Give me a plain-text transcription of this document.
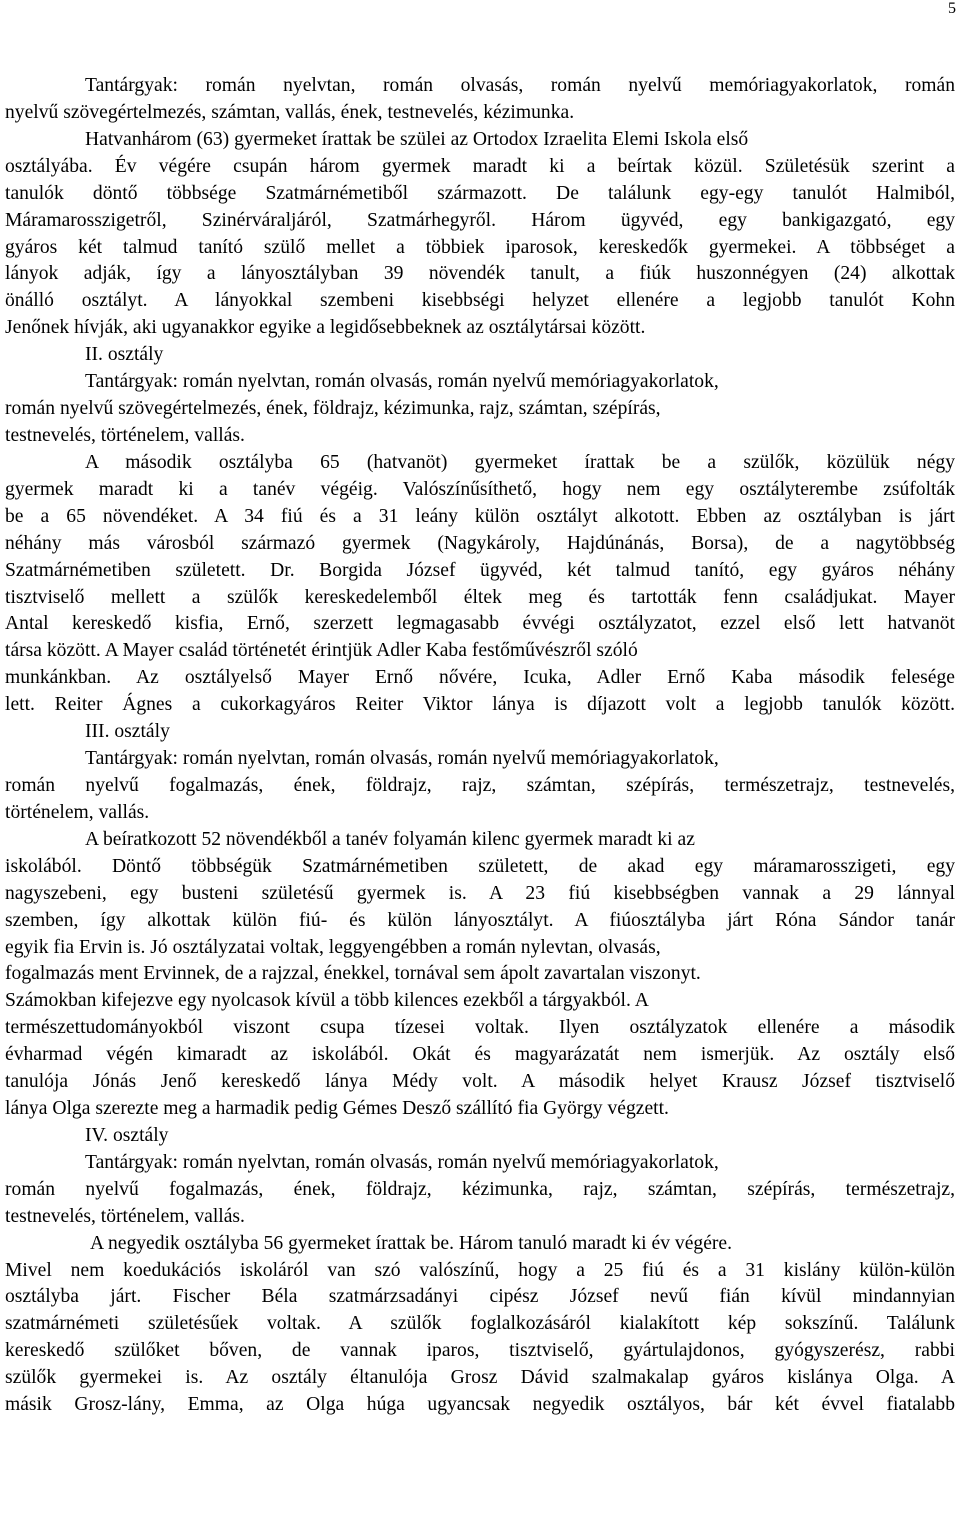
5
Tantárgyak: román nyelvtan, román olvasás, román nyelvű memóriagyakorlatok, román
nyelvű szövegértelmezés, számtan, vallás, ének, testnevelés, kézimunka.
Hatvanhárom (63) gyermeket írattak be szülei az Ortodox Izraelita Elemi Iskola első
osztályába. Év végére csupán három gyermek maradt ki a beírtak közül. Születésük szerint a
tanulók döntő többsége Szatmárnémetiből származott. De találunk egy-egy tanulót Halmiból,
Máramarosszigetről, Szinérváraljáról, Szatmárhegyről. Három ügyvéd, egy bankigazgató, egy
gyáros két talmud tanító szülő mellet a többiek iparosok, kereskedők gyermekei. A többséget a
lányok adják, így a lányosztályban 39 növendék tanult, a fiúk huszonnégyen (24) alkottak
önálló osztályt. A lányokkal szembeni kisebbségi helyzet ellenére a legjobb tanulót Kohn
Jenőnek hívják, aki ugyanakkor egyike a legidősebbeknek az osztálytársai között.
II. osztály
Tantárgyak: román nyelvtan, román olvasás, román nyelvű memóriagyakorlatok,
román nyelvű szövegértelmezés, ének, földrajz, kézimunka, rajz, számtan, szépírás,
testnevelés, történelem, vallás.
A második osztályba 65 (hatvanöt) gyermeket írattak be a szülők, közülük négy
gyermek maradt ki a tanév végéig. Valószínűsíthető, hogy nem egy osztályterembe zsúfolták
be a 65 növendéket. A 34 fiú és a 31 leány külön osztályt alkotott. Ebben az osztályban is járt
néhány más városból származó gyermek (Nagykároly, Hajdúnánás, Borsa), de a nagytöbbség
Szatmárnémetiben született. Dr. Borgida József ügyvéd, két talmud tanító, egy gyáros néhány
tisztviselő mellett a szülők kereskedelemből éltek meg és tartották fenn családjukat. Mayer
Antal kereskedő kisfia, Ernő, szerzett legmagasabb évvégi osztályzatot, ezzel első lett hatvanöt
társa között. A Mayer család történetét érintjük Adler Kaba festőművészről szóló
munkánkban. Az osztályelső Mayer Ernő nővére, Icuka, Adler Ernő Kaba második felesége
lett. Reiter Ágnes a cukorkagyáros Reiter Viktor lánya is díjazott volt a legjobb tanulók között.
III. osztály
Tantárgyak: román nyelvtan, román olvasás, román nyelvű memóriagyakorlatok,
román nyelvű fogalmazás, ének, földrajz, rajz, számtan, szépírás, természetrajz, testnevelés,
történelem, vallás.
A beíratkozott 52 növendékből a tanév folyamán kilenc gyermek maradt ki az
iskolából. Döntő többségük Szatmárnémetiben született, de akad egy máramarosszigeti, egy
nagyszebeni, egy busteni születésű gyermek is. A 23 fiú kisebbségben vannak a 29 lánnyal
szemben, így alkottak külön fiú- és külön lányosztályt. A fiúosztályba járt Róna Sándor tanár
egyik fia Ervin is. Jó osztályzatai voltak, leggyengébben a román nylevtan, olvasás,
fogalmazás ment Ervinnek, de a rajzzal, énekkel, tornával sem ápolt zavartalan viszonyt.
Számokban kifejezve egy nyolcasok kívül a több kilences ezekből a tárgyakból. A
természettudományokból viszont csupa tízesei voltak. Ilyen osztályzatok ellenére a második
évharmad végén kimaradt az iskolából. Okát és magyarázatát nem ismerjük. Az osztály első
tanulója Jónás Jenő kereskedő lánya Médy volt. A második helyet Krausz József tisztviselő
lánya Olga szerezte meg a harmadik pedig Gémes Desző szállító fia György végzett.
IV. osztály
Tantárgyak: román nyelvtan, román olvasás, román nyelvű memóriagyakorlatok,
román nyelvű fogalmazás, ének, földrajz, kézimunka, rajz, számtan, szépírás, természetrajz,
testnevelés, történelem, vallás.
A negyedik osztályba 56 gyermeket írattak be. Három tanuló maradt ki év végére.
Mivel nem koedukációs iskoláról van szó valószínű, hogy a 25 fiú és a 31 kislány külön-külön
osztályba járt. Fischer Béla szatmárzsadányi cipész József nevű fián kívül mindannyian
szatmárnémeti születésűek voltak. A szülők foglalkozásáról kialakított kép sokszínű. Találunk
kereskedő szülőket bőven, de vannak iparos, tisztviselő, gyártulajdonos, gyógyszerész, rabbi
szülők gyermekei is. Az osztály éltanulója Grosz Dávid szalmakalap gyáros kislánya Olga. A
másik Grosz-lány, Emma, az Olga húga ugyancsak negyedik osztályos, bár két évvel fiatalabb
